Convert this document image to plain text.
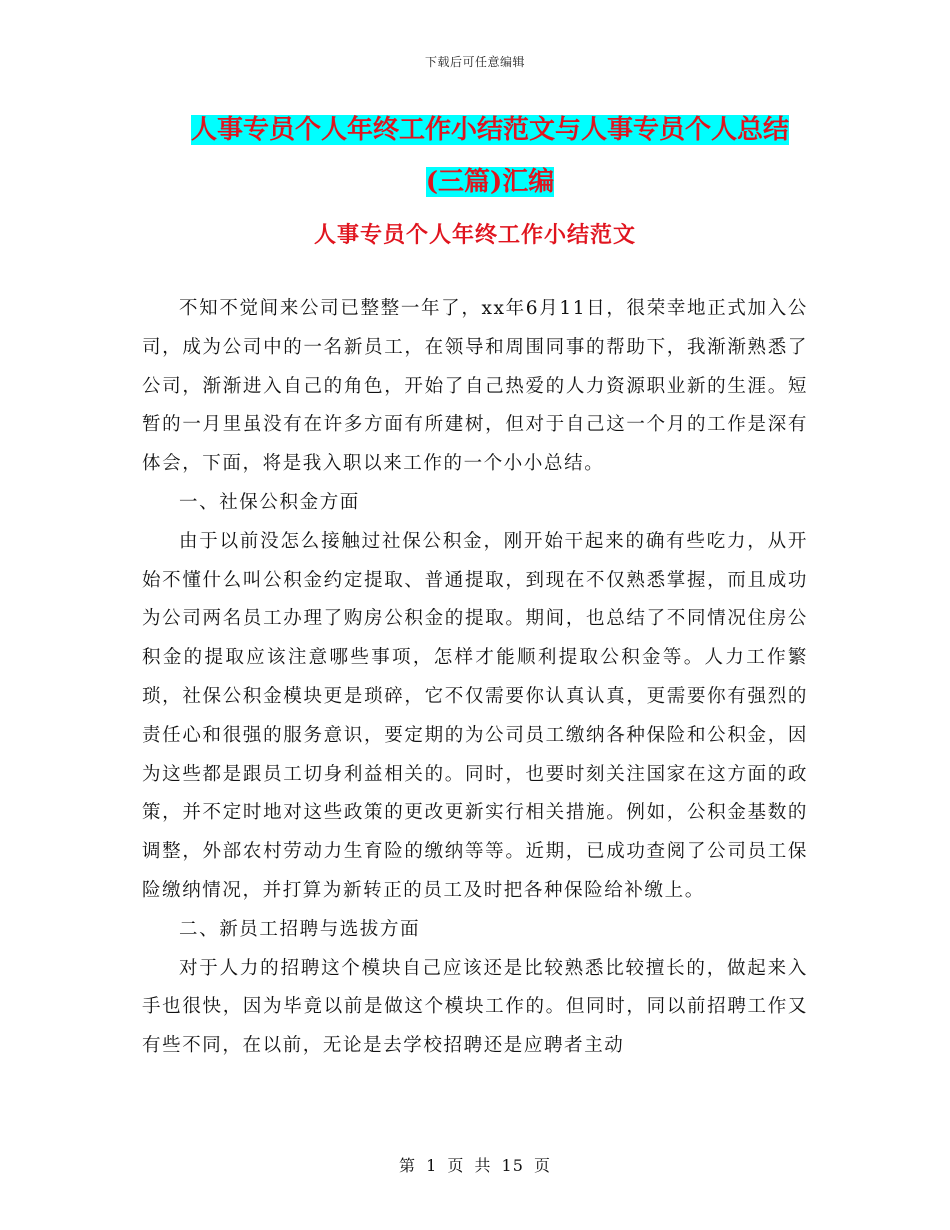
下载后可任意编辑
人事专员个人年终工作小结范文与人事专员个人总结
(三篇)汇编
人事专员个人年终工作小结范文

不知不觉间来公司已整整一年了，xx年6月11日，很荣幸地正式加入公司，成为公司中的一名新员工，在领导和周围同事的帮助下，我渐渐熟悉了公司，渐渐进入自己的角色，开始了自己热爱的人力资源职业新的生涯。短暂的一月里虽没有在许多方面有所建树，但对于自己这一个月的工作是深有体会，下面，将是我入职以来工作的一个小小总结。

一、社保公积金方面

由于以前没怎么接触过社保公积金，刚开始干起来的确有些吃力，从开始不懂什么叫公积金约定提取、普通提取，到现在不仅熟悉掌握，而且成功为公司两名员工办理了购房公积金的提取。期间，也总结了不同情况住房公积金的提取应该注意哪些事项，怎样才能顺利提取公积金等。人力工作繁琐，社保公积金模块更是琐碎，它不仅需要你认真认真，更需要你有强烈的责任心和很强的服务意识，要定期的为公司员工缴纳各种保险和公积金，因为这些都是跟员工切身利益相关的。同时，也要时刻关注国家在这方面的政策，并不定时地对这些政策的更改更新实行相关措施。例如，公积金基数的调整，外部农村劳动力生育险的缴纳等等。近期，已成功查阅了公司员工保险缴纳情况，并打算为新转正的员工及时把各种保险给补缴上。

二、新员工招聘与选拔方面

对于人力的招聘这个模块自己应该还是比较熟悉比较擅长的，做起来入手也很快，因为毕竟以前是做这个模块工作的。但同时，同以前招聘工作又有些不同，在以前，无论是去学校招聘还是应聘者主动

第 1 页 共 15 页
